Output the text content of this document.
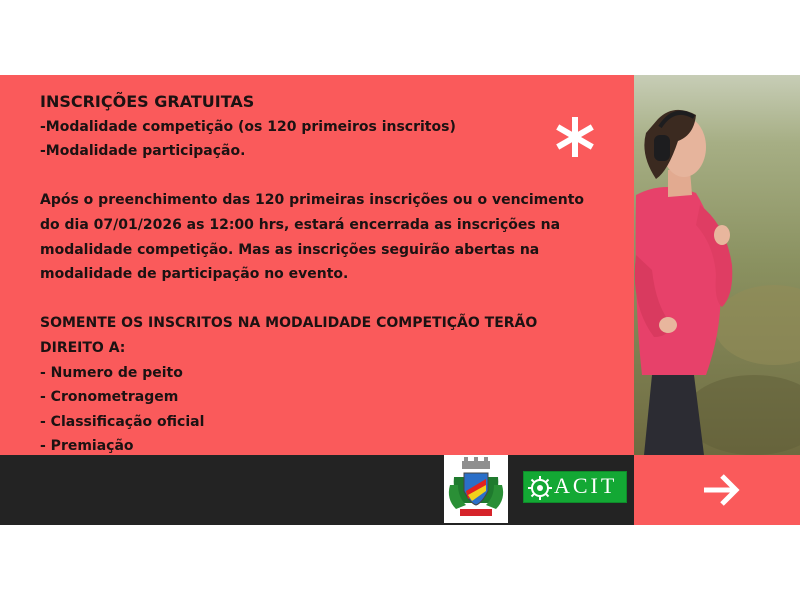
INSCRIÇÕES GRATUITAS
-Modalidade competição (os 120 primeiros inscritos)
-Modalidade participação.
Após o preenchimento das 120 primeiras inscrições ou o vencimento
do dia 07/01/2026 as 12:00 hrs, estará encerrada as inscrições na
modalidade competição. Mas as inscrições seguirão abertas na
modalidade de participação no evento.
SOMENTE OS INSCRITOS NA MODALIDADE COMPETIÇÃO TERÃO
DIREITO A:
- Numero de peito
- Cronometragem
- Classificação oficial
- Premiação
ACIT
